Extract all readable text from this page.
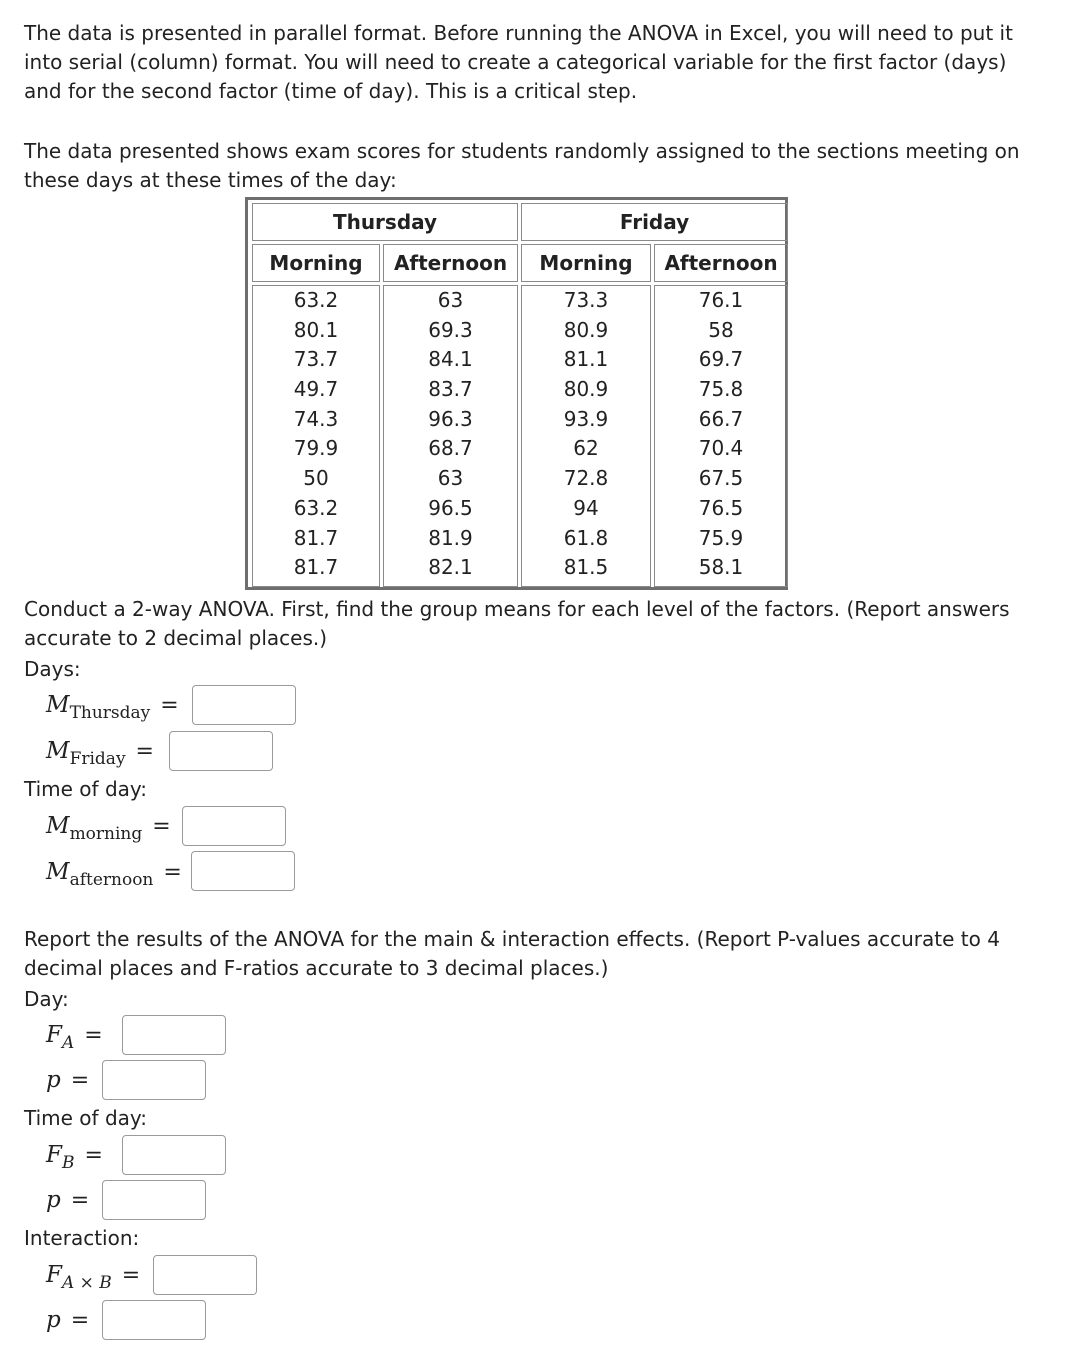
The data is presented in parallel format. Before running the ANOVA in Excel, you will need to put it into serial (column) format. You will need to create a categorical variable for the first factor (days) and for the second factor (time of day). This is a critical step.

The data presented shows exam scores for students randomly assigned to the sections meeting on these days at these times of the day:

Thursday	Friday
Morning Afternoon Morning Afternoon
63.2
80.1
73.7
49.7
74.3
79.9
50
63.2
81.7
81.7
63
69.3
84.1
83.7
96.3
68.7
63
96.5
81.9
82.1
73.3
80.9
81.1
80.9
93.9
62
72.8
94
61.8
81.5
76.1
58
69.7
75.8
66.7
70.4
67.5
76.5
75.9
58.1

Conduct a 2-way ANOVA. First, find the group means for each level of the factors. (Report answers accurate to 2 decimal places.)

Days:

M Thursday =
M Friday =

Time of day:

M morning =
M afternoon =

Report the results of the ANOVA for the main & interaction effects. (Report P-values accurate to 4 decimal places and F-ratios accurate to 3 decimal places.)

Day:

F A =
p =

Time of day:

F B =
p =

Interaction:

F A × B =
p =
